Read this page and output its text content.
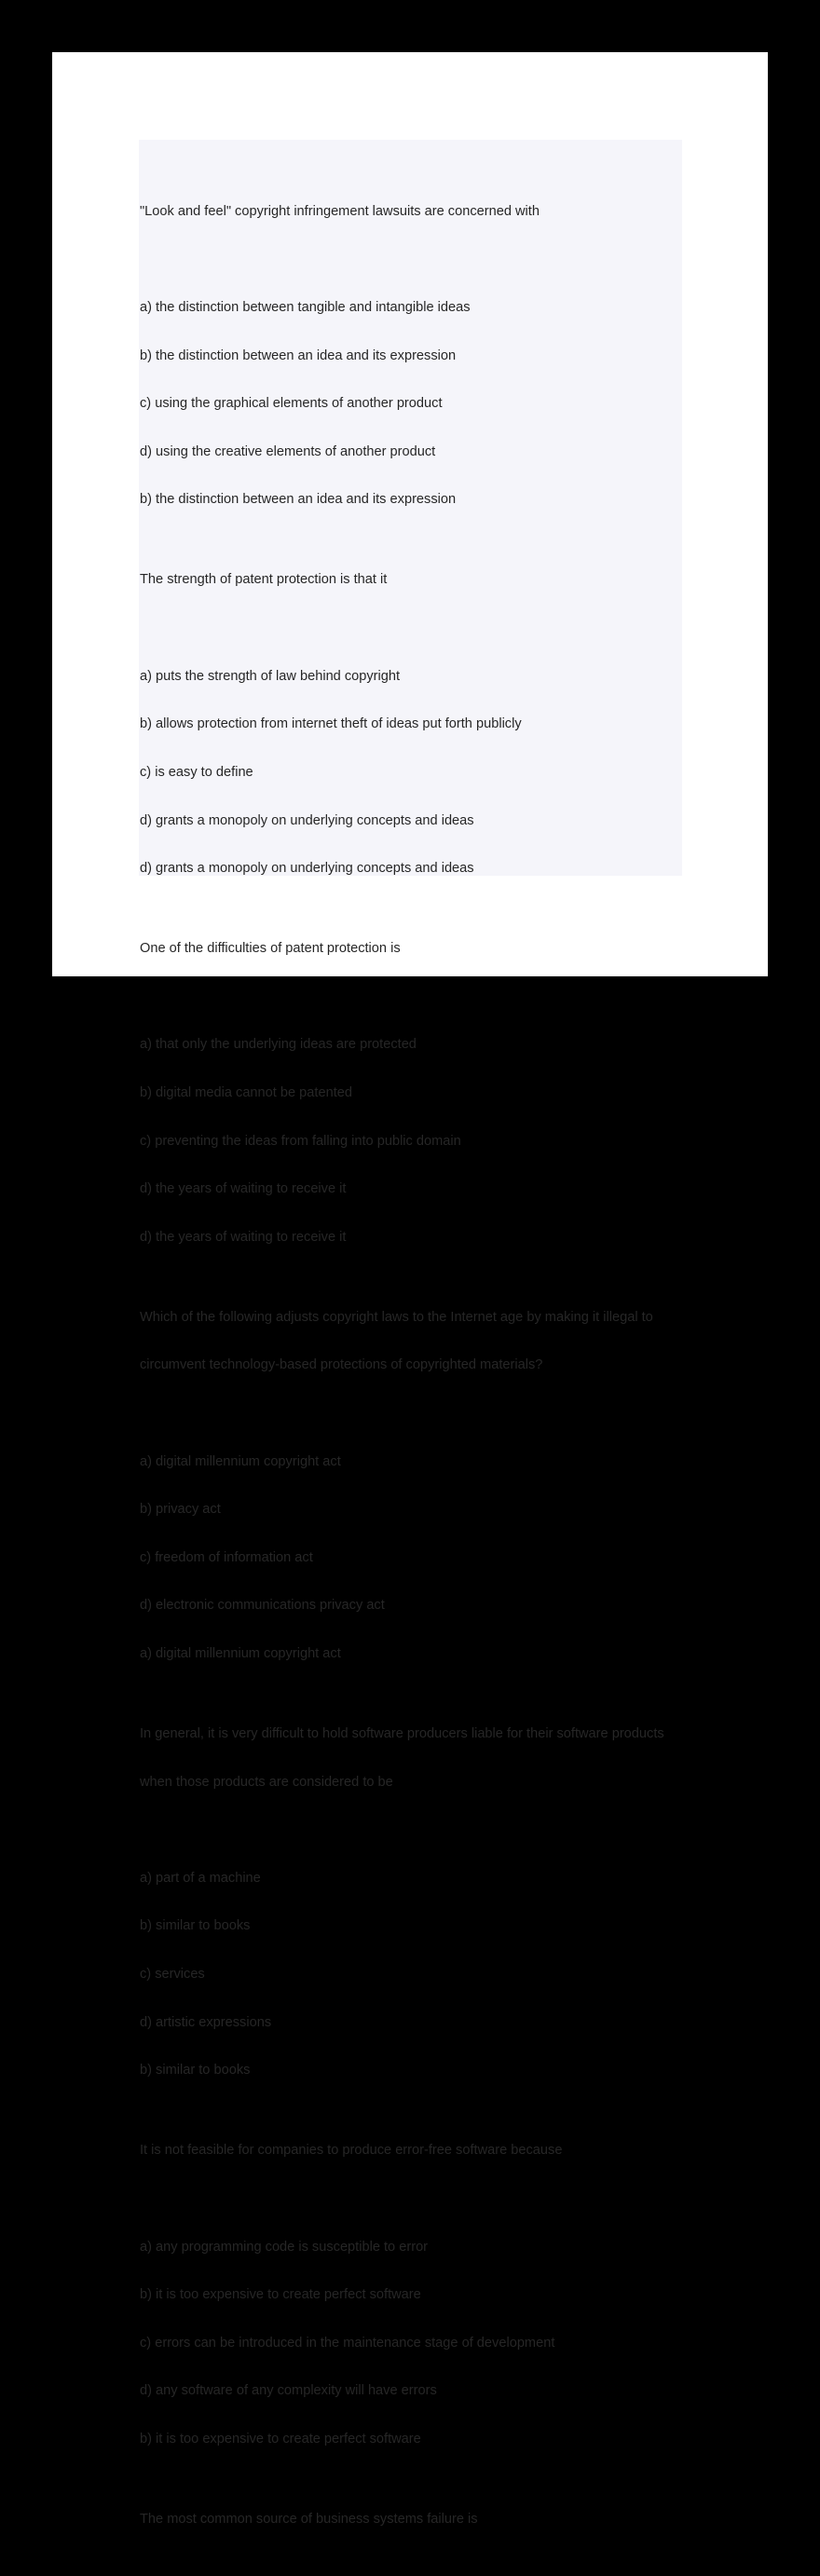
"Look and feel" copyright infringement lawsuits are concerned with

a) the distinction between tangible and intangible ideas

b) the distinction between an idea and its expression

c) using the graphical elements of another product

d) using the creative elements of another product

b) the distinction between an idea and its expression

The strength of patent protection is that it

a) puts the strength of law behind copyright

b) allows protection from internet theft of ideas put forth publicly

c) is easy to define

d) grants a monopoly on underlying concepts and ideas

d) grants a monopoly on underlying concepts and ideas

One of the difficulties of patent protection is

a) that only the underlying ideas are protected

b) digital media cannot be patented

c) preventing the ideas from falling into public domain

d) the years of waiting to receive it

d) the years of waiting to receive it

Which of the following adjusts copyright laws to the Internet age by making it illegal to

circumvent technology-based protections of copyrighted materials?

a) digital millennium copyright act

b) privacy act

c) freedom of information act

d) electronic communications privacy act

a) digital millennium copyright act

In general, it is very difficult to hold software producers liable for their software products

when those products are considered to be

a) part of a machine

b) similar to books

c) services

d) artistic expressions

b) similar to books

It is not feasible for companies to produce error-free software because

a) any programming code is susceptible to error

b) it is too expensive to create perfect software

c) errors can be introduced in the maintenance stage of development

d) any software of any complexity will have errors

b) it is too expensive to create perfect software

The most common source of business systems failure is
